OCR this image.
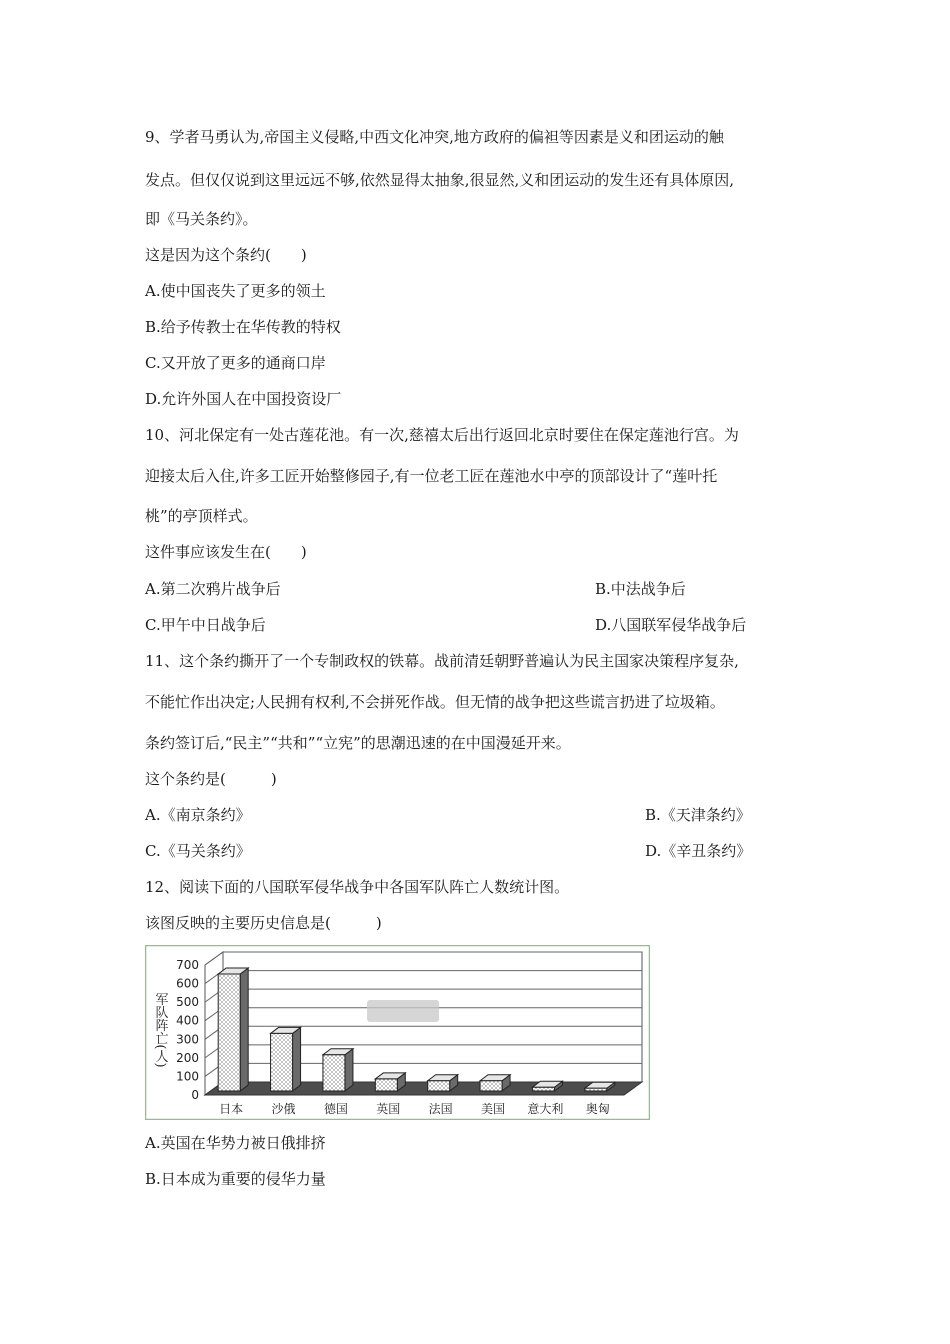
9、学者马勇认为,帝国主义侵略,中西文化冲突,地方政府的偏袒等因素是义和团运动的触
发点。但仅仅说到这里远远不够,依然显得太抽象,很显然,义和团运动的发生还有具体原因,
即《马关条约》。
这是因为这个条约(　　)
A.使中国丧失了更多的领土
B.给予传教士在华传教的特权
C.又开放了更多的通商口岸
D.允许外国人在中国投资设厂
10、河北保定有一处古莲花池。有一次,慈禧太后出行返回北京时要住在保定莲池行宫。为
迎接太后入住,许多工匠开始整修园子,有一位老工匠在莲池水中亭的顶部设计了“莲叶托
桃”的亭顶样式。
这件事应该发生在(　　)
A.第二次鸦片战争后	B.中法战争后
C.甲午中日战争后	D.八国联军侵华战争后
11、这个条约撕开了一个专制政权的铁幕。战前清廷朝野普遍认为民主国家决策程序复杂,
不能忙作出决定;人民拥有权利,不会拼死作战。但无情的战争把这些谎言扔进了垃圾箱。
条约签订后,“民主”“共和”“立宪”的思潮迅速的在中国漫延开来。
这个条约是(　　　)
A.《南京条约》	B.《天津条约》
C.《马关条约》	D.《辛丑条约》
12、阅读下面的八国联军侵华战争中各国军队阵亡人数统计图。
该图反映的主要历史信息是(　　　)
0
100
200
300
400
500
600
700
军队阵亡(人)
日本 沙俄 德国 英国 法国 美国 意大利 奥匈
A.英国在华势力被日俄排挤
B.日本成为重要的侵华力量
